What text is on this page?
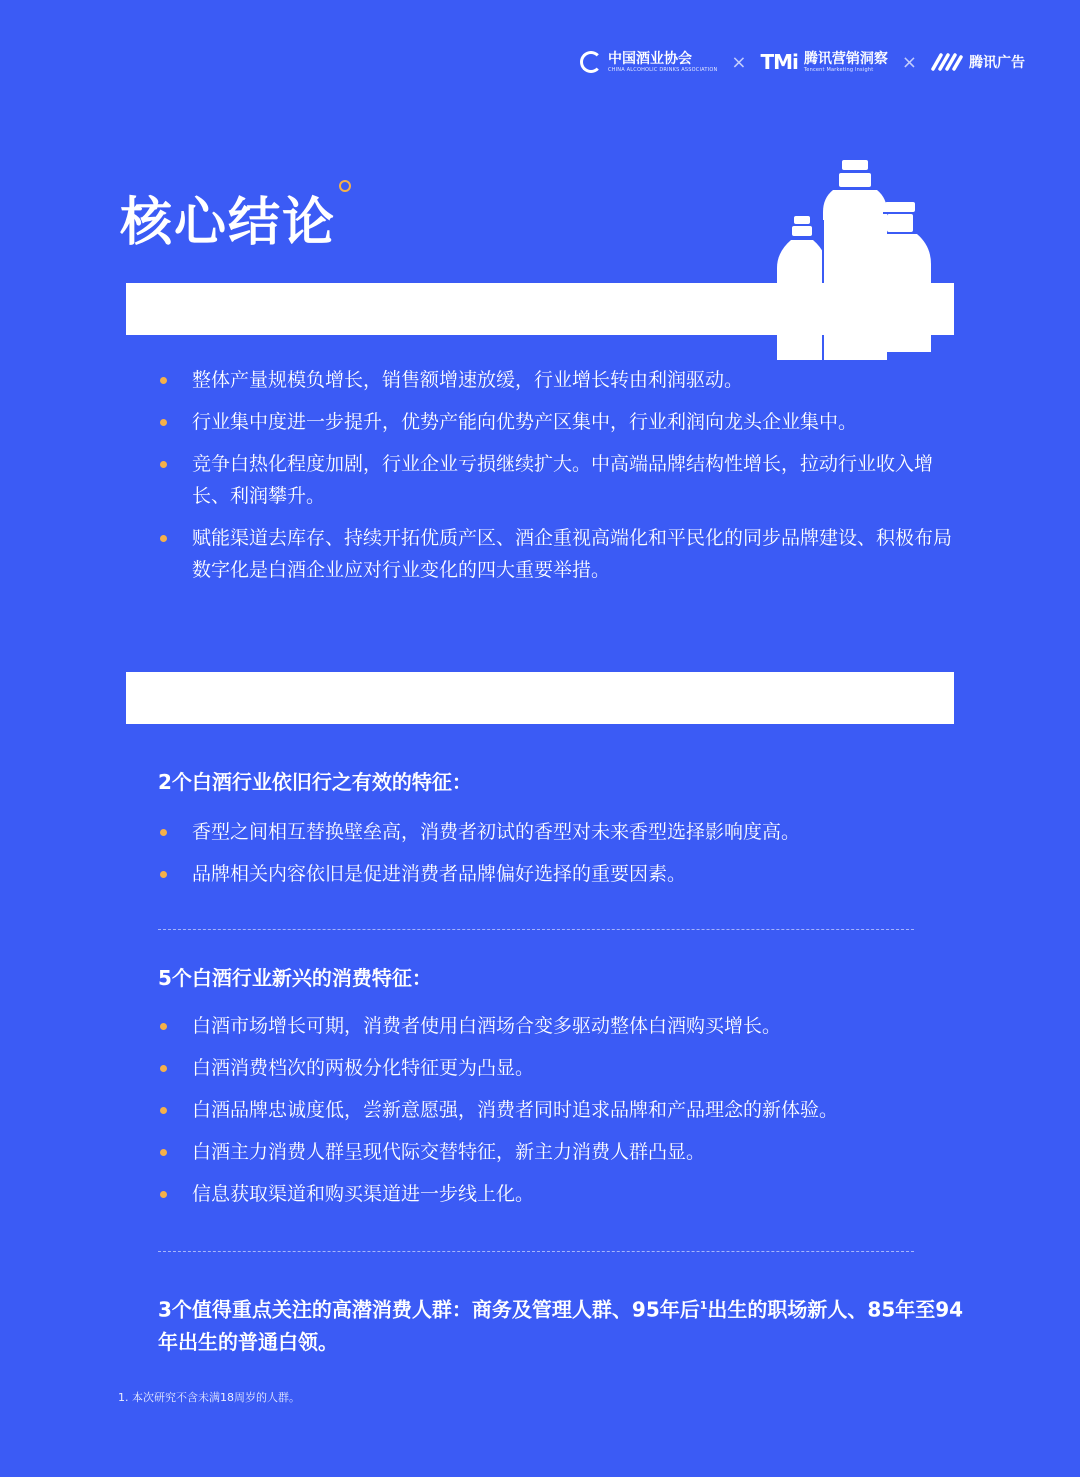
中国酒业协会
CHINA ALCOHOLIC DRINKS ASSOCIATION × TMi 腾讯营销洞察
Tencent Marketing Insight	×	腾讯广告
核心结论
整体产量规模负增长，销售额增速放缓，行业增长转由利润驱动。
行业集中度进一步提升，优势产能向优势产区集中，行业利润向龙头企业集中。
竞争白热化程度加剧，行业企业亏损继续扩大。中高端品牌结构性增长，拉动行业收入增长、利润攀升。
赋能渠道去库存、持续开拓优质产区、酒企重视高端化和平民化的同步品牌建设、积极布局数字化是白酒企业应对行业变化的四大重要举措。
2个白酒行业依旧行之有效的特征：
香型之间相互替换壁垒高，消费者初试的香型对未来香型选择影响度高。
品牌相关内容依旧是促进消费者品牌偏好选择的重要因素。
5个白酒行业新兴的消费特征：
白酒市场增长可期，消费者使用白酒场合变多驱动整体白酒购买增长。
白酒消费档次的两极分化特征更为凸显。
白酒品牌忠诚度低，尝新意愿强，消费者同时追求品牌和产品理念的新体验。
白酒主力消费人群呈现代际交替特征，新主力消费人群凸显。
信息获取渠道和购买渠道进一步线上化。
3个值得重点关注的高潜消费人群：商务及管理人群、95年后$^1$出生的职场新人、85年至94年出生的普通白领。
1. 本次研究不含未满18周岁的人群。
